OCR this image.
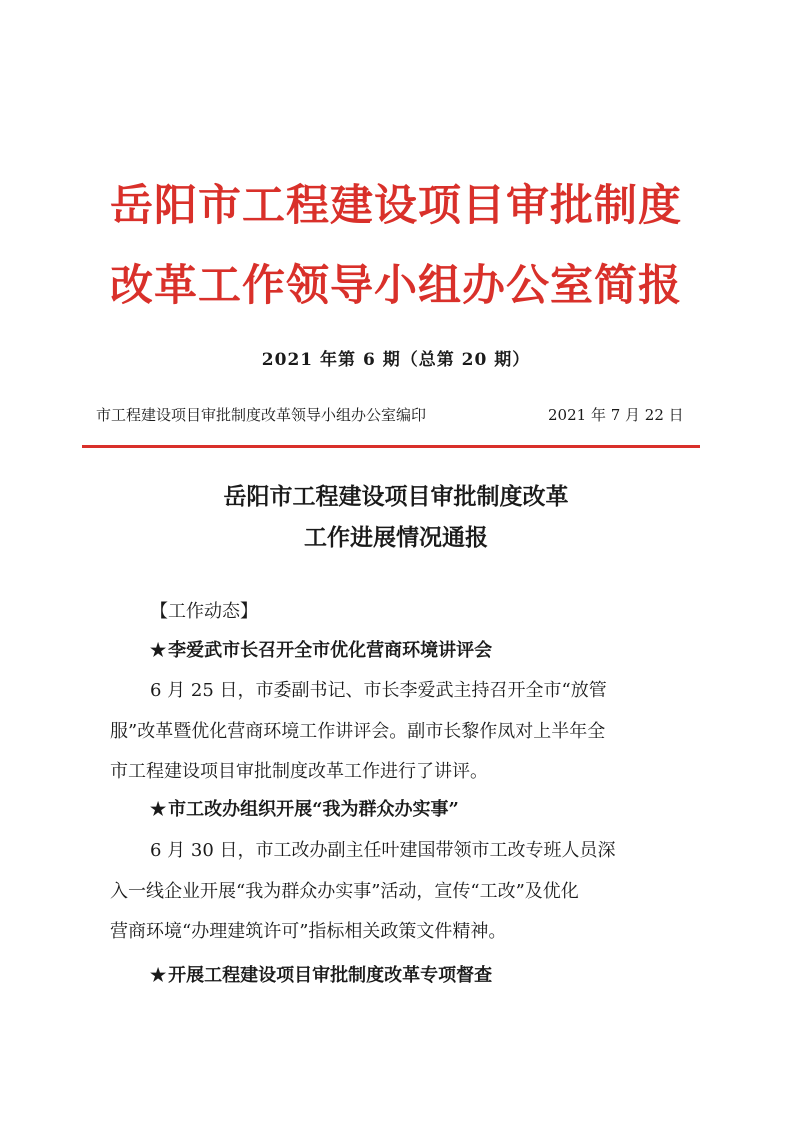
岳阳市工程建设项目审批制度
改革工作领导小组办公室简报
2021 年第 6 期（总第 20 期）
市工程建设项目审批制度改革领导小组办公室编印	2021 年 7 月 22 日
岳阳市工程建设项目审批制度改革
工作进展情况通报
【工作动态】
★ 李爱武市长召开全市优化营商环境讲评会
6 月 25 日，市委副书记、市长李爱武主持召开全市“放管
服”改革暨优化营商环境工作讲评会。副市长黎作凤对上半年全
市工程建设项目审批制度改革工作进行了讲评。
★ 市工改办组织开展“我为群众办实事”
6 月 30 日，市工改办副主任叶建国带领市工改专班人员深
入一线企业开展“我为群众办实事”活动，宣传“工改”及优化
营商环境“办理建筑许可”指标相关政策文件精神。
★ 开展工程建设项目审批制度改革专项督查
